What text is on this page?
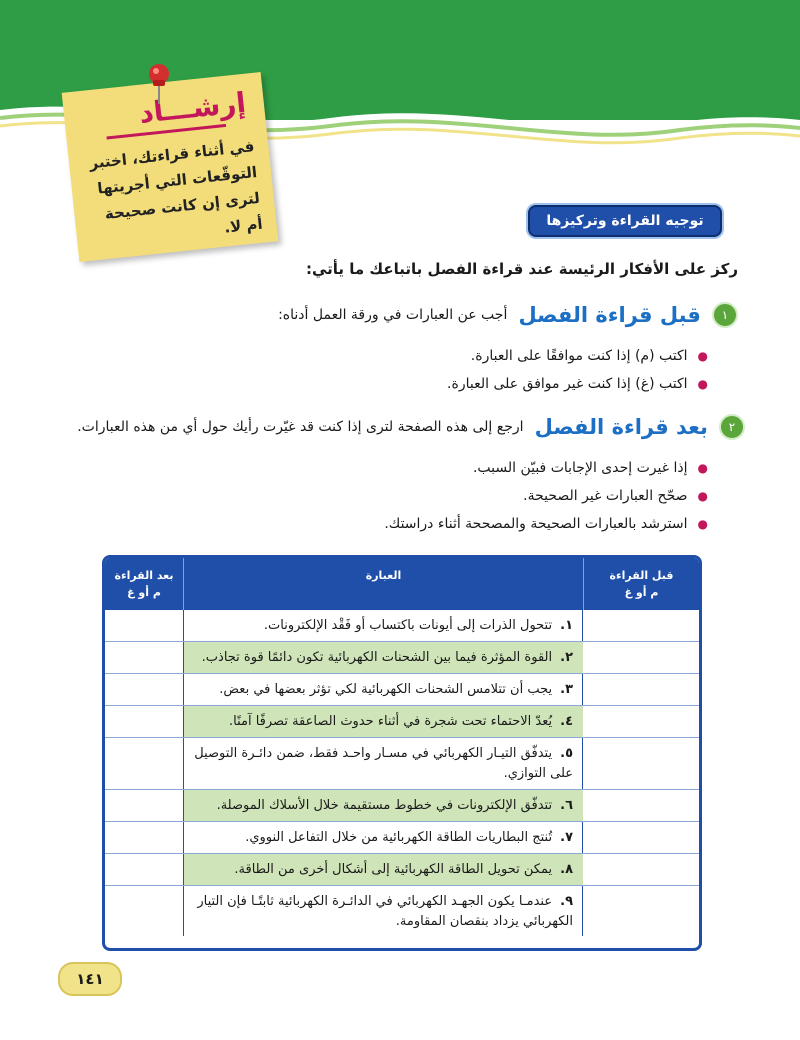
إرشـــاد
في أثناء قراءتك، اختبر التوقّعات التي أجريتها لترى إن كانت صحيحة أم لا.	توجيه القراءة وتركيزها
ركز على الأفكار الرئيسة عند قراءة الفصل باتباعك ما يأتي:
١ قبل قراءة الفصل أجب عن العبارات في ورقة العمل أدناه:
●اكتب (م) إذا كنت موافقًا على العبارة.
●اكتب (غ) إذا كنت غير موافق على العبارة.
٢ بعد قراءة الفصل ارجع إلى هذه الصفحة لترى إذا كنت قد غيّرت رأيك حول أي من هذه العبارات.
●إذا غيرت إحدى الإجابات فبيّن السبب.
●صحّح العبارات غير الصحيحة.
●استرشد بالعبارات الصحيحة والمصححة أثناء دراستك.
قبل القراءة
م أو غ
العبارة
بعد القراءة
م أو غ
١.تتحول الذرات إلى أيونات باكتساب أو فَقْد الإلكترونات.
٢.القوة المؤثرة فيما بين الشحنات الكهربائية تكون دائمًا قوة تجاذب.
٣.يجب أن تتلامس الشحنات الكهربائية لكي تؤثر بعضها في بعض.
٤.يُعدّ الاحتماء تحت شجرة في أثناء حدوث الصاعقة تصرفًا آمنًا.
٥.يتدفّق التيـار الكهربائي في مسـار واحـد فقط، ضمن دائـرة التوصيل على التوازي.
٦.تتدفّق الإلكترونات في خطوط مستقيمة خلال الأسلاك الموصلة.
٧.تُنتج البطاريات الطاقة الكهربائية من خلال التفاعل النووي.
٨.يمكن تحويل الطاقة الكهربائية إلى أشكال أخرى من الطاقة.
٩.عندمـا يكون الجهـد الكهربائي في الدائـرة الكهربائية ثابتًـا فإن التيار الكهربائي يزداد بنقصان المقاومة.
١٤١
